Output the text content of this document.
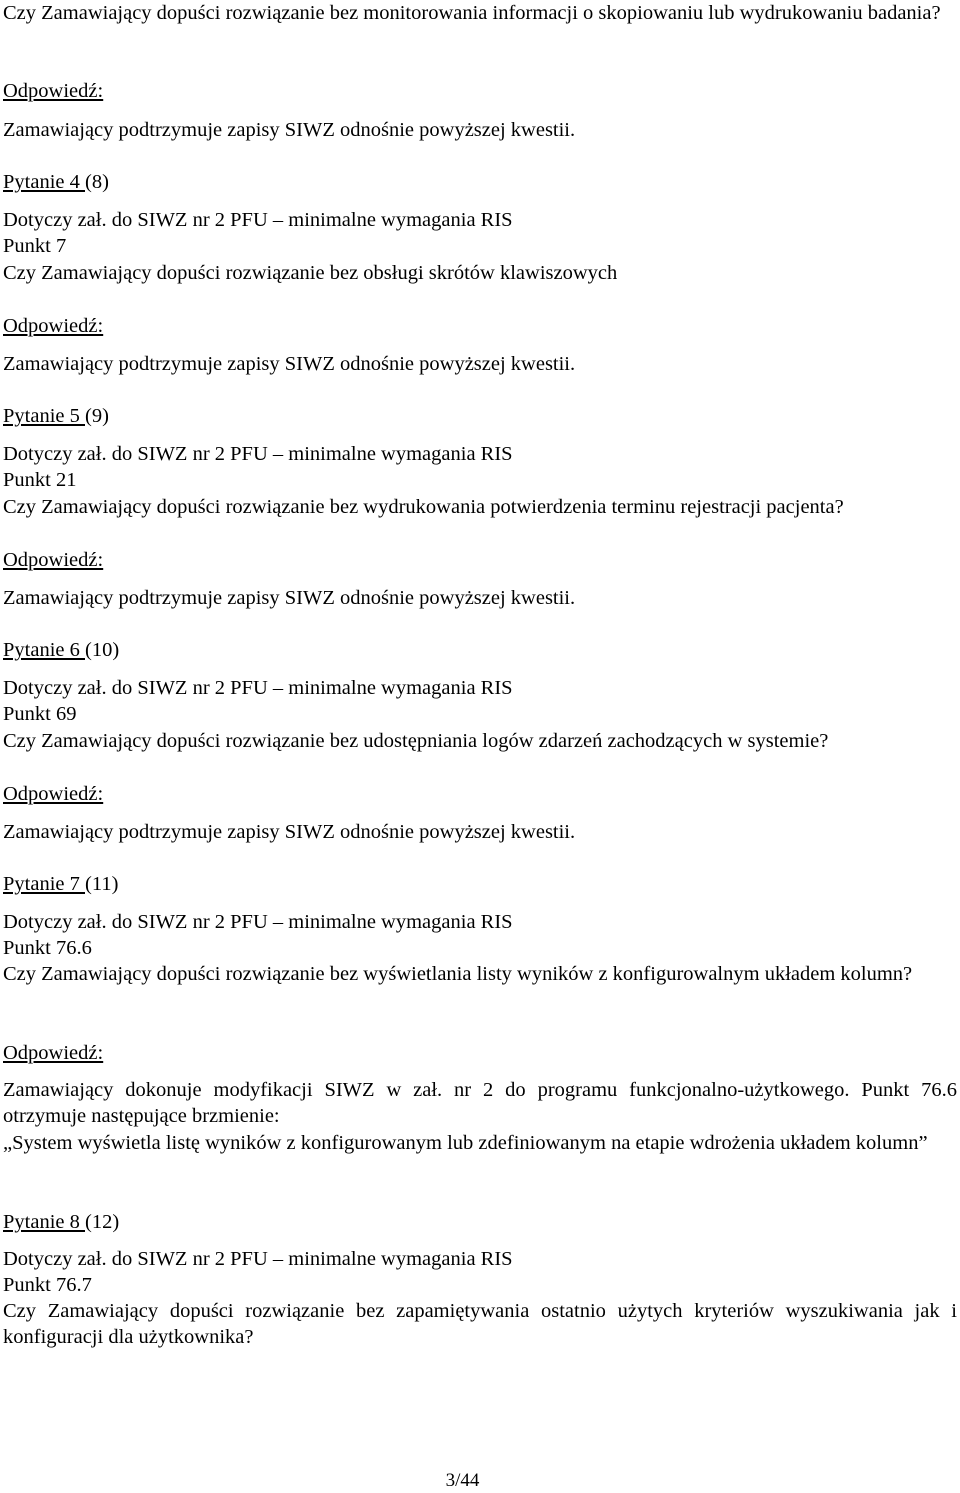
Czy Zamawiający dopuści rozwiązanie bez monitorowania informacji o skopiowaniu lub wydrukowaniu badania?

Odpowiedź:

Zamawiający podtrzymuje zapisy SIWZ odnośnie powyższej kwestii.

Pytanie 4 (8)

Dotyczy zał. do SIWZ nr 2 PFU – minimalne wymagania RIS

Punkt 7

Czy Zamawiający dopuści rozwiązanie bez obsługi skrótów klawiszowych

Odpowiedź:

Zamawiający podtrzymuje zapisy SIWZ odnośnie powyższej kwestii.

Pytanie 5 (9)

Dotyczy zał. do SIWZ nr 2 PFU – minimalne wymagania RIS

Punkt 21

Czy Zamawiający dopuści rozwiązanie bez wydrukowania potwierdzenia terminu rejestracji pacjenta?

Odpowiedź:

Zamawiający podtrzymuje zapisy SIWZ odnośnie powyższej kwestii.

Pytanie 6 (10)

Dotyczy zał. do SIWZ nr 2 PFU – minimalne wymagania RIS

Punkt 69

Czy Zamawiający dopuści rozwiązanie bez udostępniania logów zdarzeń zachodzących w systemie?

Odpowiedź:

Zamawiający podtrzymuje zapisy SIWZ odnośnie powyższej kwestii.

Pytanie 7 (11)

Dotyczy zał. do SIWZ nr 2 PFU – minimalne wymagania RIS

Punkt 76.6

Czy Zamawiający dopuści rozwiązanie bez wyświetlania listy wyników z konfigurowalnym układem kolumn?

Odpowiedź:

Zamawiający dokonuje modyfikacji SIWZ w zał. nr 2 do programu funkcjonalno-użytkowego. Punkt 76.6 otrzymuje następujące brzmienie:

„System wyświetla listę wyników z konfigurowanym lub zdefiniowanym na etapie wdrożenia układem kolumn”

Pytanie 8 (12)

Dotyczy zał. do SIWZ nr 2 PFU – minimalne wymagania RIS

Punkt 76.7

Czy Zamawiający dopuści rozwiązanie bez zapamiętywania ostatnio użytych kryteriów wyszukiwania jak i konfiguracji dla użytkownika?

3/44
